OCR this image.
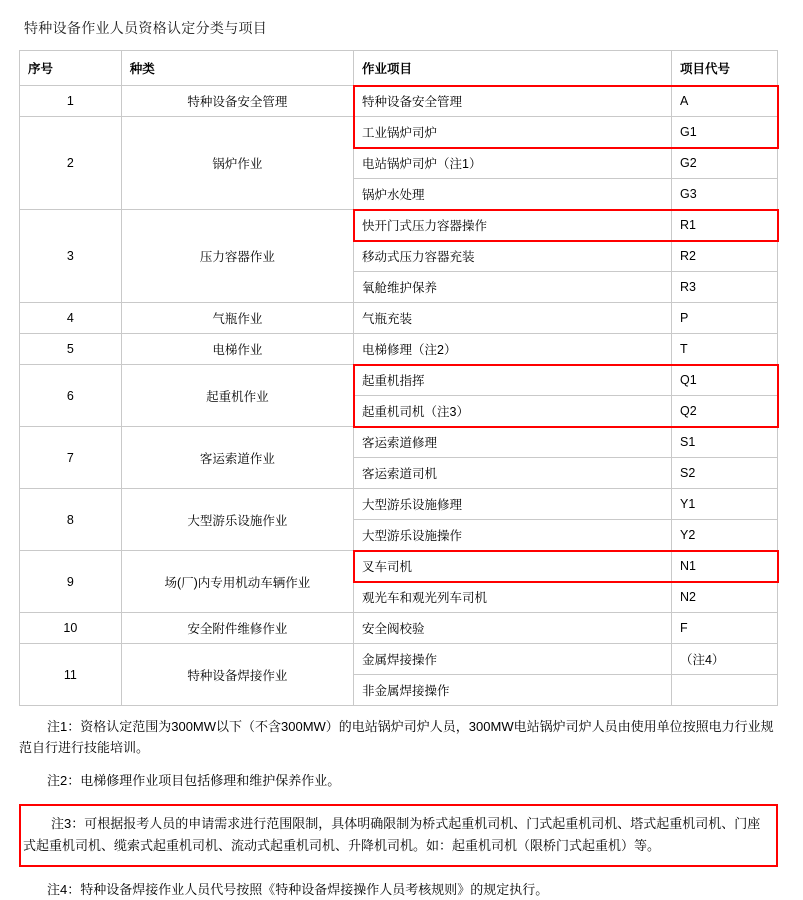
特种设备作业人员资格认定分类与项目
序号	种类	作业项目	项目代号
1	特种设备安全管理	特种设备安全管理	A
2	锅炉作业	工业锅炉司炉	G1
		电站锅炉司炉（注1）	G2
		锅炉水处理	G3
3	压力容器作业	快开门式压力容器操作	R1
		移动式压力容器充装	R2
		氧舱维护保养	R3
4	气瓶作业	气瓶充装	P
5	电梯作业	电梯修理（注2）	T
6	起重机作业	起重机指挥	Q1
		起重机司机（注3）	Q2
7	客运索道作业	客运索道修理	S1
		客运索道司机	S2
8	大型游乐设施作业	大型游乐设施修理	Y1
		大型游乐设施操作	Y2
9	场(厂)内专用机动车辆作业	叉车司机	N1
		观光车和观光列车司机	N2
10	安全附件维修作业	安全阀校验	F
11	特种设备焊接作业	金属焊接操作	（注4）
		非金属焊接操作	

注1：资格认定范围为300MW以下（不含300MW）的电站锅炉司炉人员，300MW电站锅炉司炉人员由使用单位按照电力行业规范自行进行技能培训。

注2：电梯修理作业项目包括修理和维护保养作业。

注3：可根据报考人员的申请需求进行范围限制，具体明确限制为桥式起重机司机、门式起重机司机、塔式起重机司机、门座式起重机司机、缆索式起重机司机、流动式起重机司机、升降机司机。如：起重机司机（限桥门式起重机）等。

注4：特种设备焊接作业人员代号按照《特种设备焊接操作人员考核规则》的规定执行。
